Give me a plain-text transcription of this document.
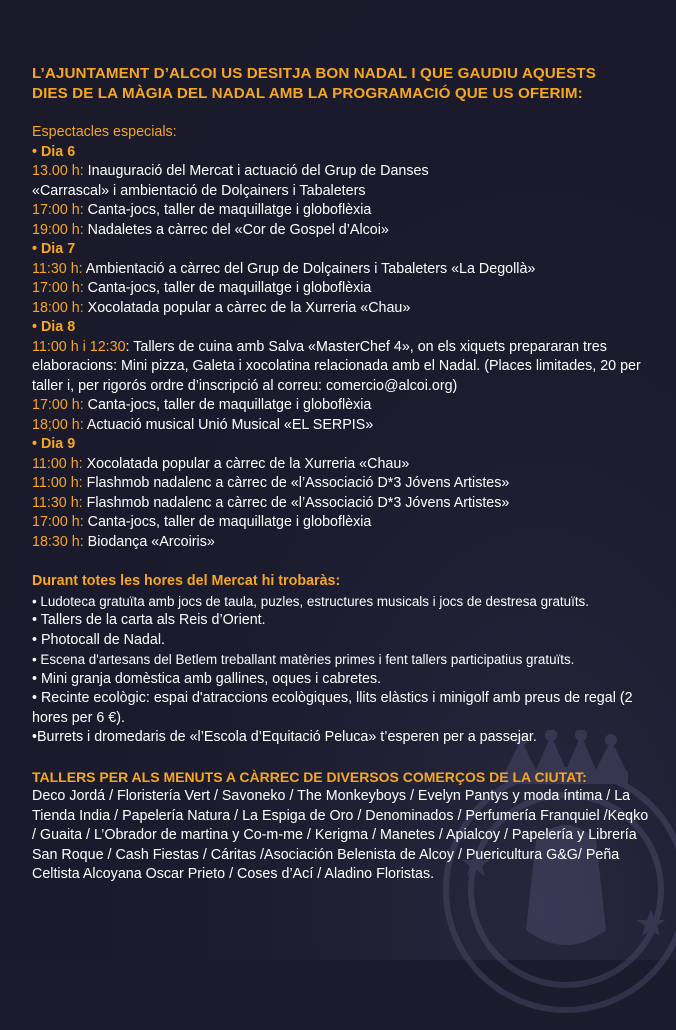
L’AJUNTAMENT D’ALCOI US DESITJA BON NADAL I QUE GAUDIU AQUESTS
DIES DE LA MÀGIA DEL NADAL AMB LA PROGRAMACIÓ QUE US OFERIM:
Espectacles especials:
• Dia 6
13.00 h: Inauguració del Mercat i actuació del Grup de Danses
«Carrascal» i ambientació de Dolçainers i Tabaleters
17:00 h: Canta-jocs, taller de maquillatge i globoflèxia
19:00 h: Nadaletes a càrrec del «Cor de Gospel d’Alcoi»
• Dia 7
11:30 h: Ambientació a càrrec del Grup de Dolçainers i Tabaleters «La Degollà»
17:00 h: Canta-jocs, taller de maquillatge i globoflèxia
18:00 h: Xocolatada popular a càrrec de la Xurreria «Chau»
• Dia 8
11:00 h i 12:30: Tallers de cuina amb Salva «MasterChef 4», on els xiquets prepararan tres elaboracions: Mini pizza, Galeta i xocolatina relacionada amb el Nadal. (Places limitades, 20 per taller i, per rigorós ordre d’inscripció al correu: comercio@alcoi.org)
17:00 h: Canta-jocs, taller de maquillatge i globoflèxia
18;00 h: Actuació musical Unió Musical «EL SERPIS»
• Dia 9
11:00 h: Xocolatada popular a càrrec de la Xurreria «Chau»
11:00 h: Flashmob nadalenc a càrrec de «l’Associació D*3 Jóvens Artistes»
11:30 h: Flashmob nadalenc a càrrec de «l’Associació D*3 Jóvens Artistes»
17:00 h: Canta-jocs, taller de maquillatge i globoflèxia
18:30 h: Biodança «Arcoiris»
Durant totes les hores del Mercat hi trobaràs:
• Ludoteca gratuïta amb jocs de taula, puzles, estructures musicals i jocs de destresa gratuïts.
• Tallers de la carta als Reis d’Orient.
• Photocall de Nadal.
• Escena d'artesans del Betlem treballant matèries primes i fent tallers participatius gratuïts.
• Mini granja domèstica amb gallines, oques i cabretes.
• Recinte ecològic: espai d'atraccions ecològiques, llits elàstics i minigolf amb preus de regal (2 hores per 6 €).
•Burrets i dromedaris de «l’Escola d’Equitació Peluca» t’esperen per a passejar.
TALLERS PER ALS MENUTS A CÀRREC DE DIVERSOS COMERÇOS DE LA CIUTAT:
Deco Jordá / Floristería Vert / Savoneko / The Monkeyboys / Evelyn Pantys y moda íntima / La Tienda India / Papelería Natura / La Espiga de Oro / Denominados / Perfumería Franquiel /Keqko / Guaita / L’Obrador de martina y Co-m-me / Kerigma / Manetes / Apialcoy / Papelería y Librería San Roque / Cash Fiestas / Cáritas /Asociación Belenista de Alcoy / Puericultura G&G/ Peña Celtista Alcoyana Oscar Prieto / Coses d’Ací / Aladino Floristas.
